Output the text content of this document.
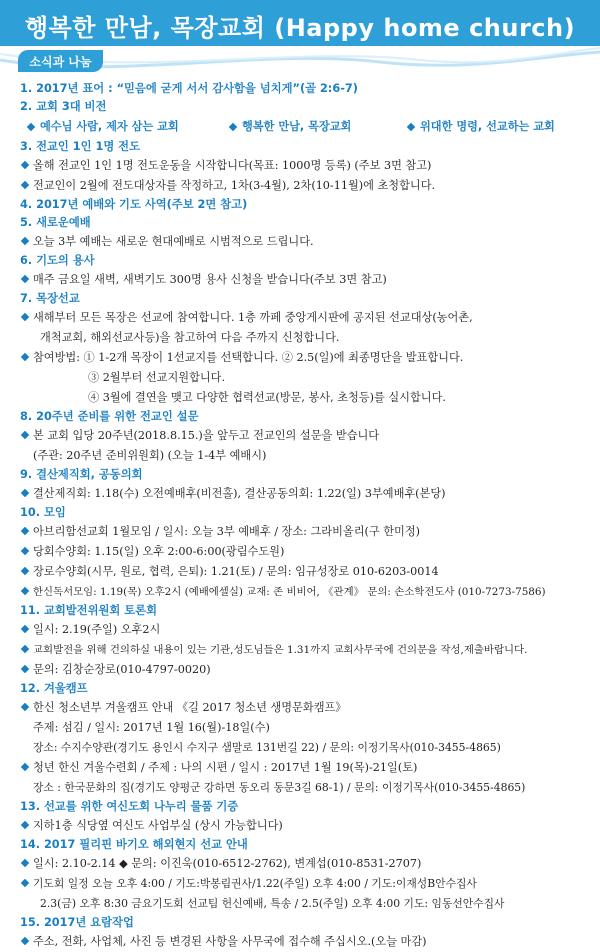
행복한 만남, 목장교회 (Happy home church)
소식과 나눔
1. 2017년 표어 : “믿음에 굳게 서서 감사함을 넘치게”(골 2:6-7)
2. 교회 3대 비전
예수님 사람, 제자 삼는 교회	행복한 만남, 목장교회	위대한 명령, 선교하는 교회
3. 전교인 1인 1명 전도
올해 전교인 1인 1명 전도운동을 시작합니다(목표: 1000명 등록) (주보 3면 참고)
전교인이 2월에 전도대상자를 작정하고, 1차(3-4월), 2차(10-11월)에 초청합니다.
4. 2017년 예배와 기도 사역(주보 2면 참고)
5. 새로운예배
오늘 3부 예배는 새로운 현대예배로 시범적으로 드립니다.
6. 기도의 용사
매주 금요일 새벽, 새벽기도 300명 용사 신청을 받습니다(주보 3면 참고)
7. 목장선교
새해부터 모든 목장은 선교에 참여합니다. 1층 까페 중앙게시판에 공지된 선교대상(농어촌,
개척교회, 해외선교사등)을 참고하여 다음 주까지 신청합니다.
참여방법: ① 1-2개 목장이 1선교지를 선택합니다. ② 2.5(일)에 최종명단을 발표합니다.
③ 2월부터 선교지원합니다.
④ 3월에 결연을 맺고 다양한 협력선교(방문, 봉사, 초청등)를 실시합니다.
8. 20주년 준비를 위한 전교인 설문
본 교회 입당 20주년(2018.8.15.)을 앞두고 전교인의 설문을 받습니다
(주관: 20주년 준비위원회) (오늘 1-4부 예배시)
9. 결산제직회, 공동의회
결산제직회: 1.18(수) 오전예배후(비전홀), 결산공동의회: 1.22(일) 3부예배후(본당)
10. 모임
아브리함선교회 1월모임 / 일시: 오늘 3부 예배후 / 장소: 그라비올리(구 한미정)
당회수양회: 1.15(일) 오후 2:00-6:00(광림수도원)
장로수양회(시무, 원로, 협력, 은퇴): 1.21(토) / 문의: 임규성장로 010-6203-0014
한신독서모임: 1.19(목) 오후2시 (예배에셀실) 교재: 존 비비어, 《관계》 문의: 손소학전도사 (010-7273-7586)
11. 교회발전위원회 토론회
일시: 2.19(주일) 오후2시
교회발전을 위해 건의하실 내용이 있는 기관,성도님들은 1.31까지 교회사무국에 건의문을 작성,제출바랍니다.
문의: 김창순장로(010-4797-0020)
12. 겨울캠프
한신 청소년부 겨울캠프 안내 《길 2017 청소년 생명문화캠프》
주제: 섬김 / 일시: 2017년 1월 16(월)-18일(수)
장소: 수지수양관(경기도 용인시 수지구 샘말로 131번길 22) / 문의: 이정기목사(010-3455-4865)
청년 한신 겨울수련회 / 주제 : 나의 시편 / 일시 : 2017년 1월 19(목)-21일(토)
장소 : 한국문화의 집(경기도 양평군 강하면 동오리 동문3길 68-1) / 문의: 이정기목사(010-3455-4865)
13. 선교를 위한 여신도회 나누리 물품 기증
지하1층 식당옆 여신도 사업부실 (상시 가능합니다)
14. 2017 필리핀 바기오 해외현지 선교 안내
일시: 2.10-2.14 ◆ 문의: 이진욱(010-6512-2762), 변계섭(010-8531-2707)
기도회 일정 오늘 오후 4:00 / 기도:박봉림권사/1.22(주일) 오후 4:00 / 기도:이재성B안수집사
2.3(금) 오후 8:30 금요기도회 선교팀 헌신예배, 특송 / 2.5(주일) 오후 4:00 기도: 임동선안수집사
15. 2017년 요람작업
주소, 전화, 사업체, 사진 등 변경된 사항을 사무국에 접수해 주십시오.(오늘 마감)
